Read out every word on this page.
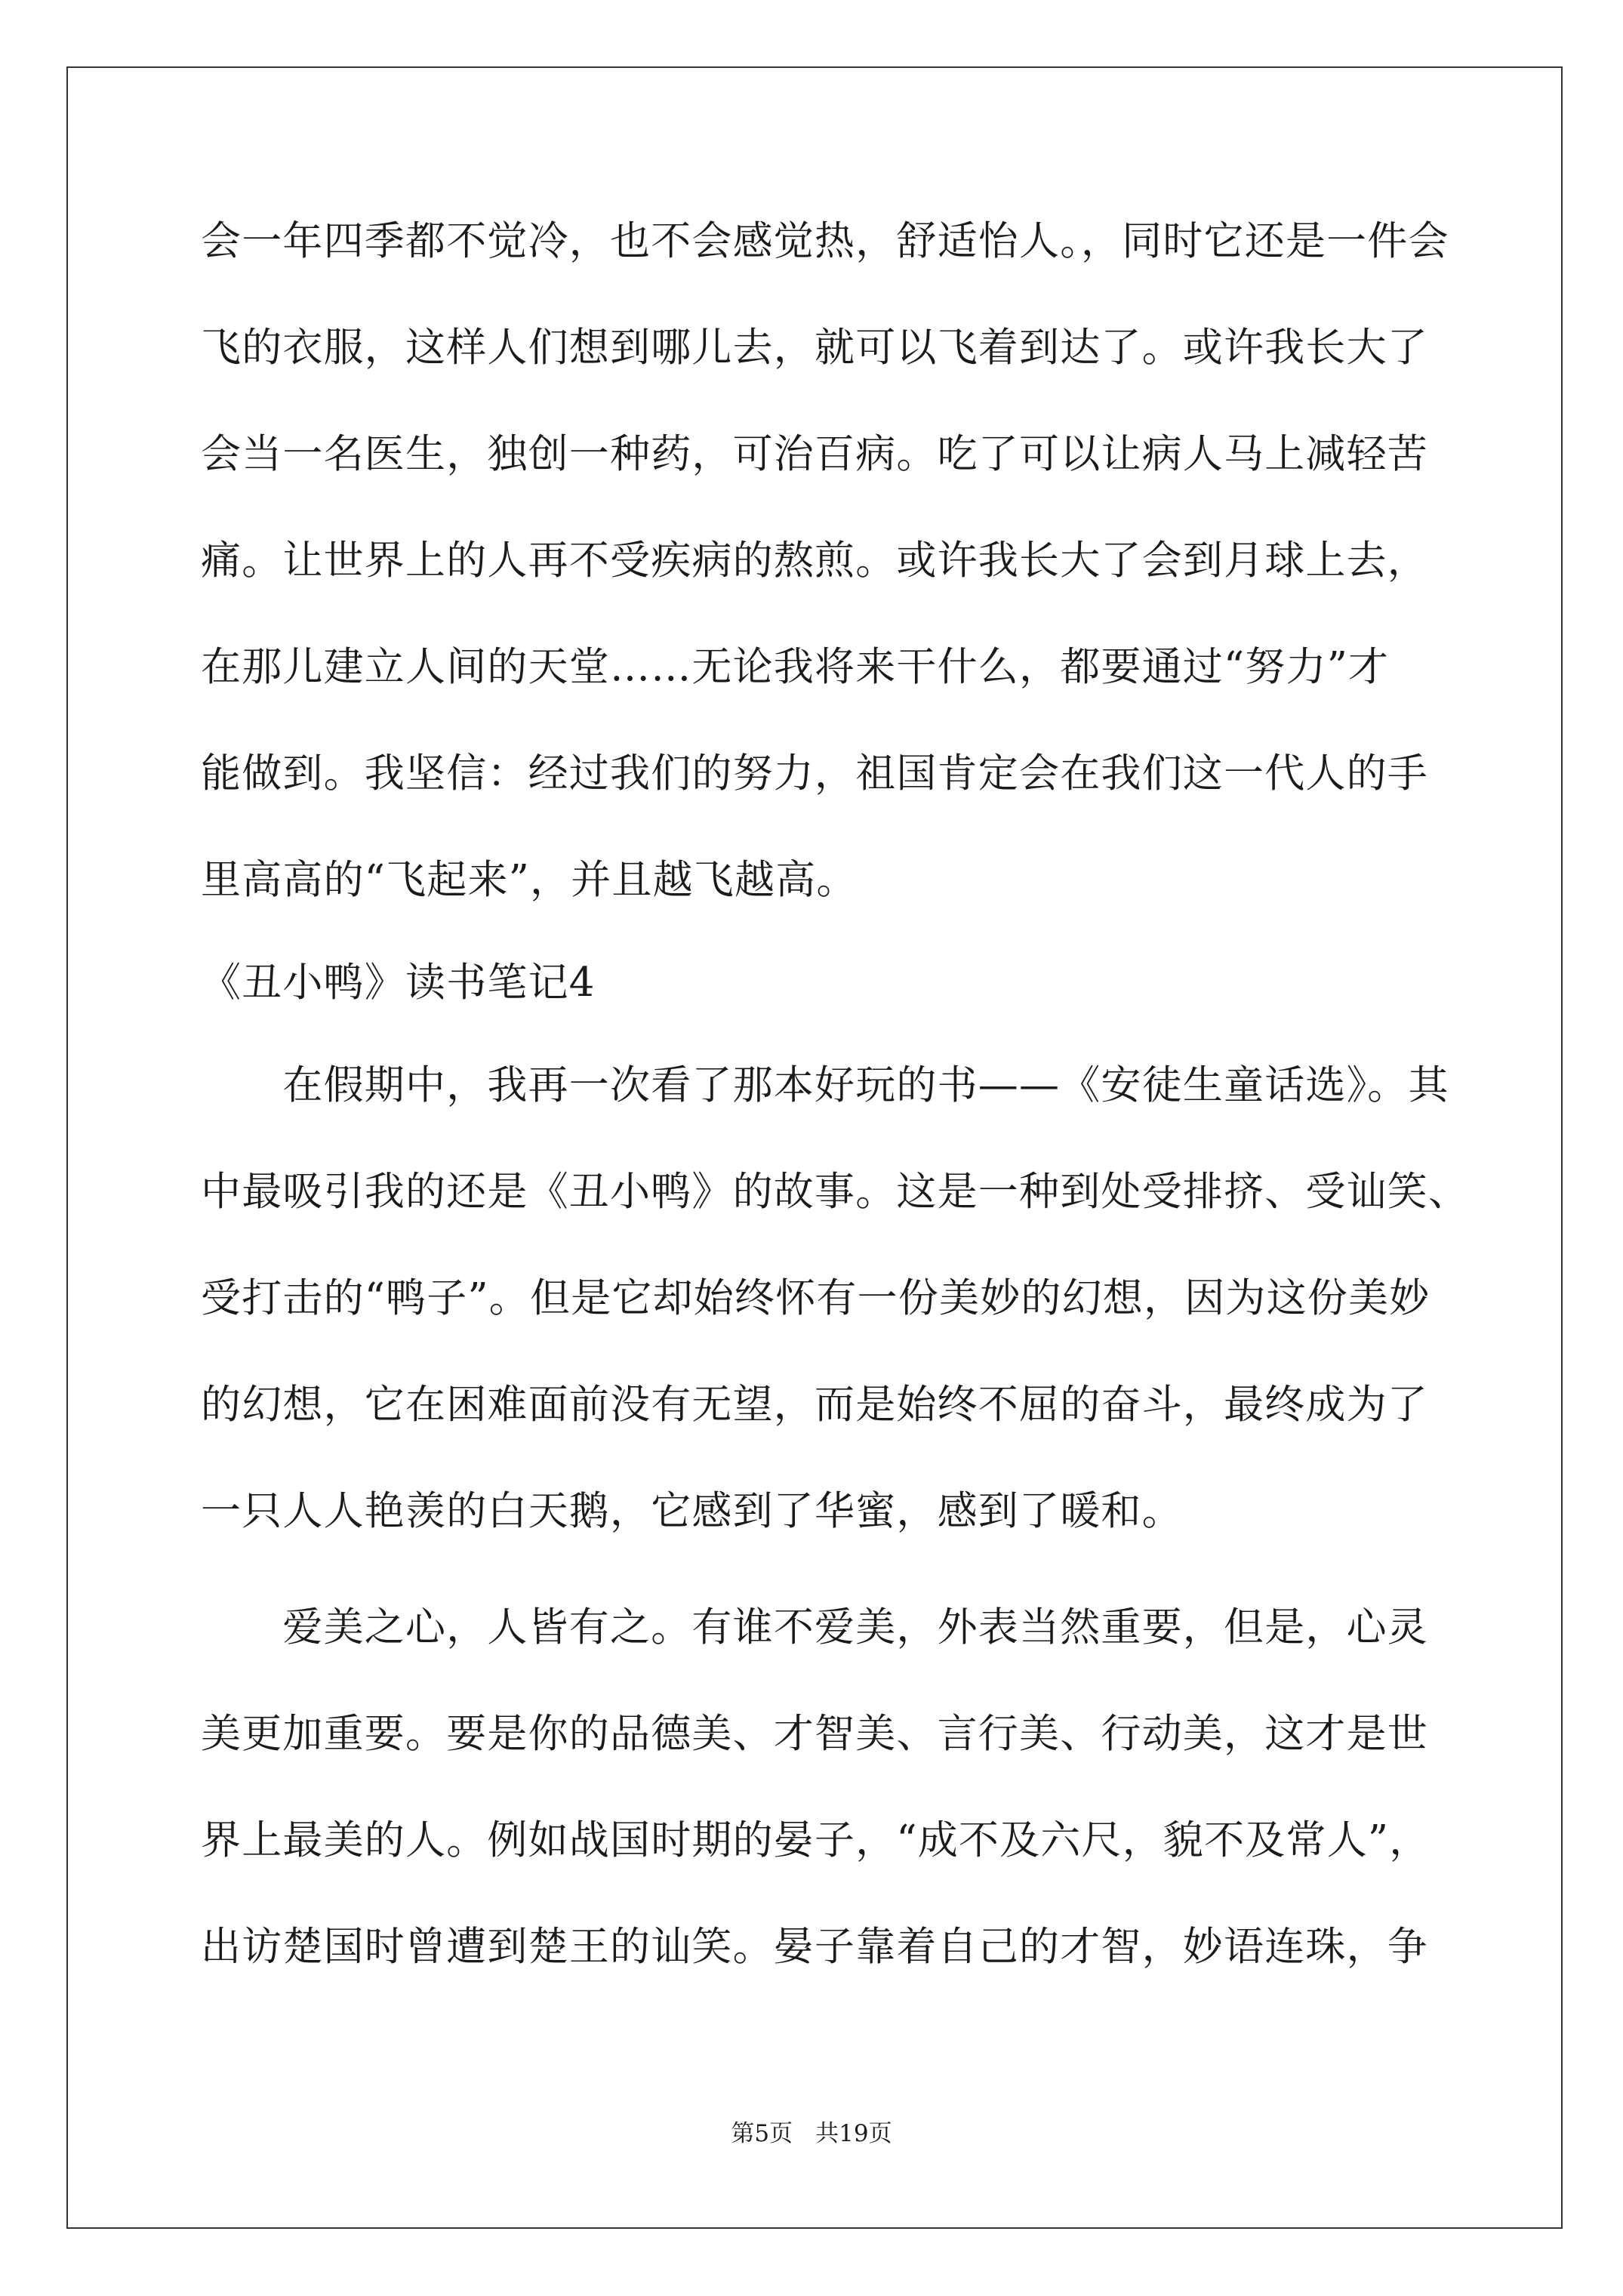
会一年四季都不觉冷，也不会感觉热，舒适怡人。，同时它还是一件会
飞的衣服，这样人们想到哪儿去，就可以飞着到达了。或许我长大了
会当一名医生，独创一种药，可治百病。吃了可以让病人马上减轻苦
痛。让世界上的人再不受疾病的熬煎。或许我长大了会到月球上去，
在那儿建立人间的天堂……无论我将来干什么，都要通过“努力”才
能做到。我坚信：经过我们的努力，祖国肯定会在我们这一代人的手
里高高的“飞起来”，并且越飞越高。
《丑小鸭》读书笔记4
　　在假期中，我再一次看了那本好玩的书——《安徒生童话选》。其
中最吸引我的还是《丑小鸭》的故事。这是一种到处受排挤、受讪笑、
受打击的“鸭子”。但是它却始终怀有一份美妙的幻想，因为这份美妙
的幻想，它在困难面前没有无望，而是始终不屈的奋斗，最终成为了
一只人人艳羡的白天鹅，它感到了华蜜，感到了暖和。
　　爱美之心，人皆有之。有谁不爱美，外表当然重要，但是，心灵
美更加重要。要是你的品德美、才智美、言行美、行动美，这才是世
界上最美的人。例如战国时期的晏子，“成不及六尺，貌不及常人”，
出访楚国时曾遭到楚王的讪笑。晏子靠着自己的才智，妙语连珠，争
第5页 共19页
